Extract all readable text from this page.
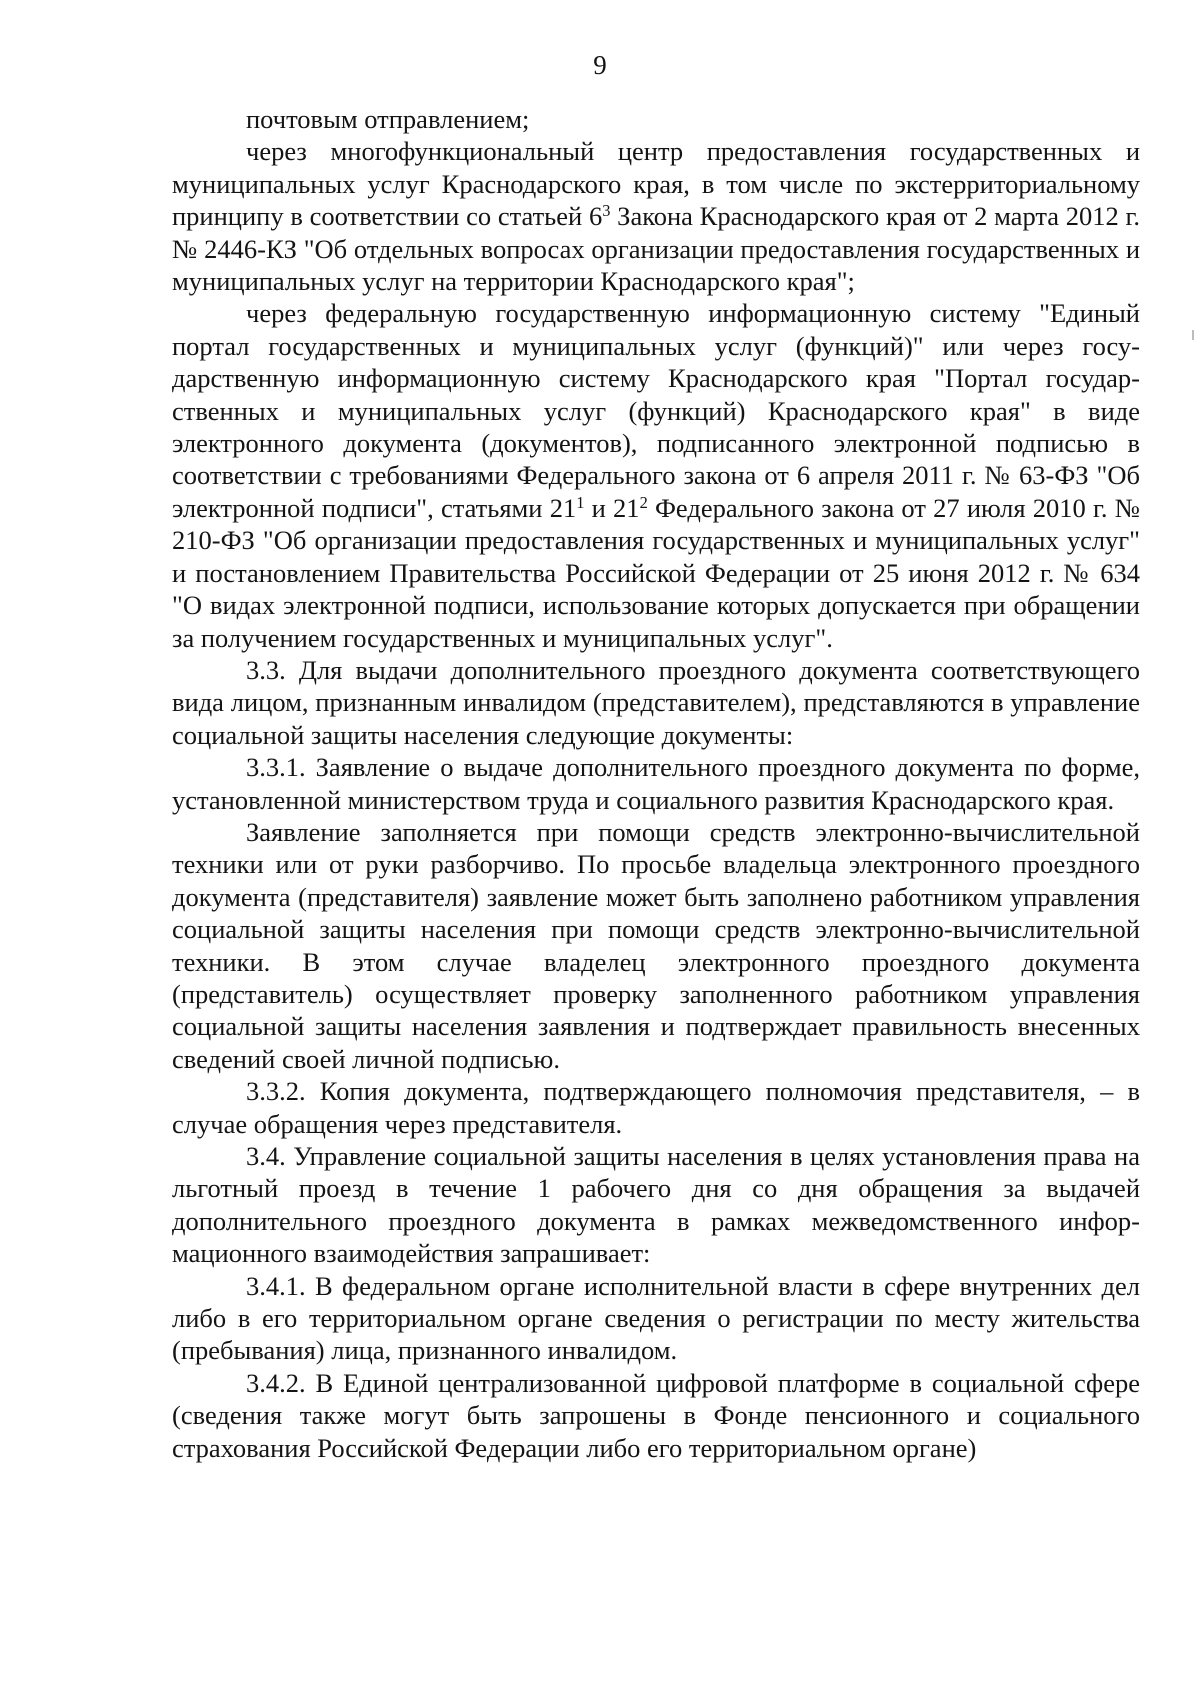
9

почтовым отправлением;

через многофункциональный центр предоставления государственных и муниципальных услуг Краснодарского края, в том числе по экстерриториальному принципу в соответствии со статьей $6^3$ Закона Краснодарского края от 2 марта 2012 г. № 2446-КЗ "Об отдельных вопросах организации предоставления государственных и муниципальных услуг на территории Краснодарского края";

через федеральную государственную информационную систему "Единый портал государственных и муниципальных услуг (функций)" или через государственную информационную систему Краснодарского края "Портал государственных и муниципальных услуг (функций) Краснодарского края" в виде электронного документа (документов), подписанного электронной подписью в соответствии с требованиями Федерального закона от 6 апреля 2011 г. № 63-ФЗ "Об электронной подписи", статьями $21^1$ и $21^2$ Федерального закона от 27 июля 2010 г. № 210-ФЗ "Об организации предоставления государственных и муниципальных услуг" и постановлением Правительства Российской Федерации от 25 июня 2012 г. № 634 "О видах электронной подписи, использование которых допускается при обращении за получением государственных и муниципальных услуг".

3.3. Для выдачи дополнительного проездного документа соответствующего вида лицом, признанным инвалидом (представителем), представляются в управление социальной защиты населения следующие документы:

3.3.1. Заявление о выдаче дополнительного проездного документа по форме, установленной министерством труда и социального развития Краснодарского края.

Заявление заполняется при помощи средств электронно-вычислительной техники или от руки разборчиво. По просьбе владельца электронного проездного документа (представителя) заявление может быть заполнено работником управления социальной защиты населения при помощи средств электронно-вычислительной техники. В этом случае владелец электронного проездного документа (представитель) осуществляет проверку заполненного работником управления социальной защиты населения заявления и подтверждает правильность внесенных сведений своей личной подписью.

3.3.2. Копия документа, подтверждающего полномочия представителя, – в случае обращения через представителя.

3.4. Управление социальной защиты населения в целях установления права на льготный проезд в течение 1 рабочего дня со дня обращения за выдачей дополнительного проездного документа в рамках межведомственного информационного взаимодействия запрашивает:

3.4.1. В федеральном органе исполнительной власти в сфере внутренних дел либо в его территориальном органе сведения о регистрации по месту жительства (пребывания) лица, признанного инвалидом.

3.4.2. В Единой централизованной цифровой платформе в социальной сфере (сведения также могут быть запрошены в Фонде пенсионного и социального страхования Российской Федерации либо его территориальном органе)
